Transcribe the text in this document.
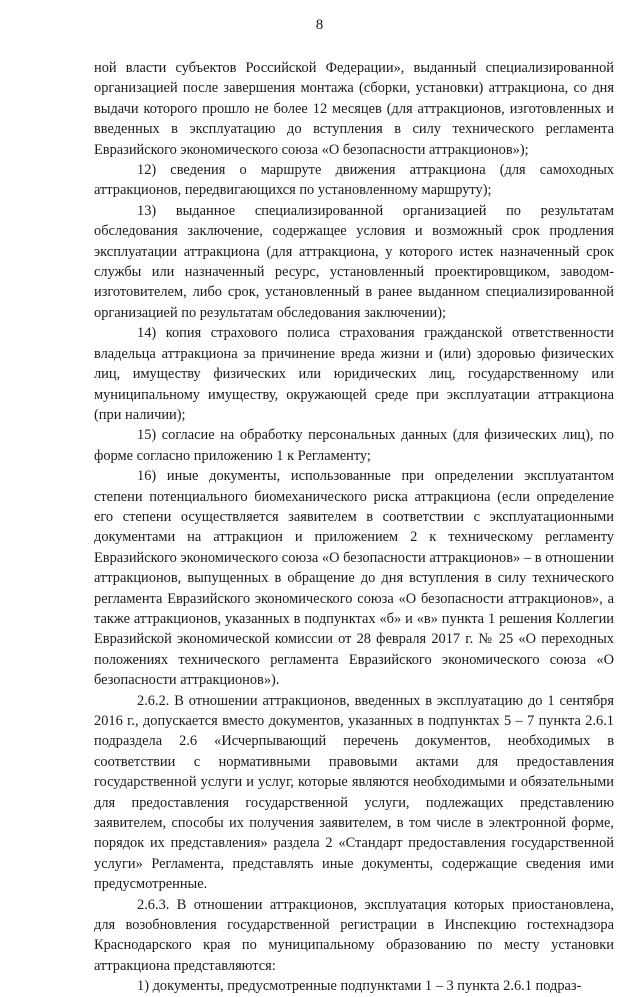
8

ной власти субъектов Российской Федерации», выданный специализированной организацией после завершения монтажа (сборки, установки) аттракциона, со дня выдачи которого прошло не более 12 месяцев (для аттракционов, изготовленных и введенных в эксплуатацию до вступления в силу технического регламента Евразийского экономического союза «О безопасности аттракционов»);

12) сведения о маршруте движения аттракциона (для самоходных аттракционов, передвигающихся по установленному маршруту);

13) выданное специализированной организацией по результатам обследования заключение, содержащее условия и возможный срок продления эксплуатации аттракциона (для аттракциона, у которого истек назначенный срок службы или назначенный ресурс, установленный проектировщиком, заводом-изготовителем, либо срок, установленный в ранее выданном специализированной организацией по результатам обследования заключении);

14) копия страхового полиса страхования гражданской ответственности владельца аттракциона за причинение вреда жизни и (или) здоровью физических лиц, имуществу физических или юридических лиц, государственному или муниципальному имуществу, окружающей среде при эксплуатации аттракциона (при наличии);

15) согласие на обработку персональных данных (для физических лиц), по форме согласно приложению 1 к Регламенту;

16) иные документы, использованные при определении эксплуатантом степени потенциального биомеханического риска аттракциона (если определение его степени осуществляется заявителем в соответствии с эксплуатационными документами на аттракцион и приложением 2 к техническому регламенту Евразийского экономического союза «О безопасности аттракционов» – в отношении аттракционов, выпущенных в обращение до дня вступления в силу технического регламента Евразийского экономического союза «О безопасности аттракционов», а также аттракционов, указанных в подпунктах «б» и «в» пункта 1 решения Коллегии Евразийской экономической комиссии от 28 февраля 2017 г. № 25 «О переходных положениях технического регламента Евразийского экономического союза «О безопасности аттракционов»).

2.6.2. В отношении аттракционов, введенных в эксплуатацию до 1 сентября 2016 г., допускается вместо документов, указанных в подпунктах 5 – 7 пункта 2.6.1 подраздела 2.6 «Исчерпывающий перечень документов, необходимых в соответствии с нормативными правовыми актами для предоставления государственной услуги и услуг, которые являются необходимыми и обязательными для предоставления государственной услуги, подлежащих представлению заявителем, способы их получения заявителем, в том числе в электронной форме, порядок их представления» раздела 2 «Стандарт предоставления государственной услуги» Регламента, представлять иные документы, содержащие сведения ими предусмотренные.

2.6.3. В отношении аттракционов, эксплуатация которых приостановлена, для возобновления государственной регистрации в Инспекцию гостехнадзора Краснодарского края по муниципальному образованию по месту установки аттракциона представляются:

1) документы, предусмотренные подпунктами 1 – 3 пункта 2.6.1 подраз-
